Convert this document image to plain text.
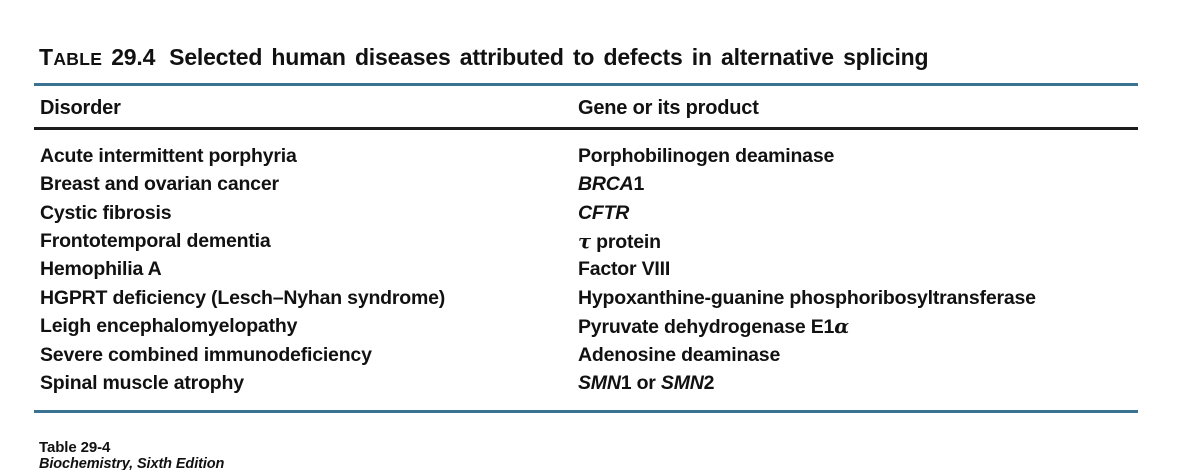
TABLE 29.4 Selected human diseases attributed to defects in alternative splicing
Disorder	Gene or its product
Acute intermittent porphyria	Porphobilinogen deaminase
Breast and ovarian cancer	BRCA1
Cystic fibrosis	CFTR
Frontotemporal dementia	τ protein
Hemophilia A	Factor VIII
HGPRT deficiency (Lesch–Nyhan syndrome)	Hypoxanthine-guanine phosphoribosyltransferase
Leigh encephalomyelopathy	Pyruvate dehydrogenase E1α
Severe combined immunodeficiency	Adenosine deaminase
Spinal muscle atrophy	SMN1 or SMN2
Table 29-4
Biochemistry, Sixth Edition
